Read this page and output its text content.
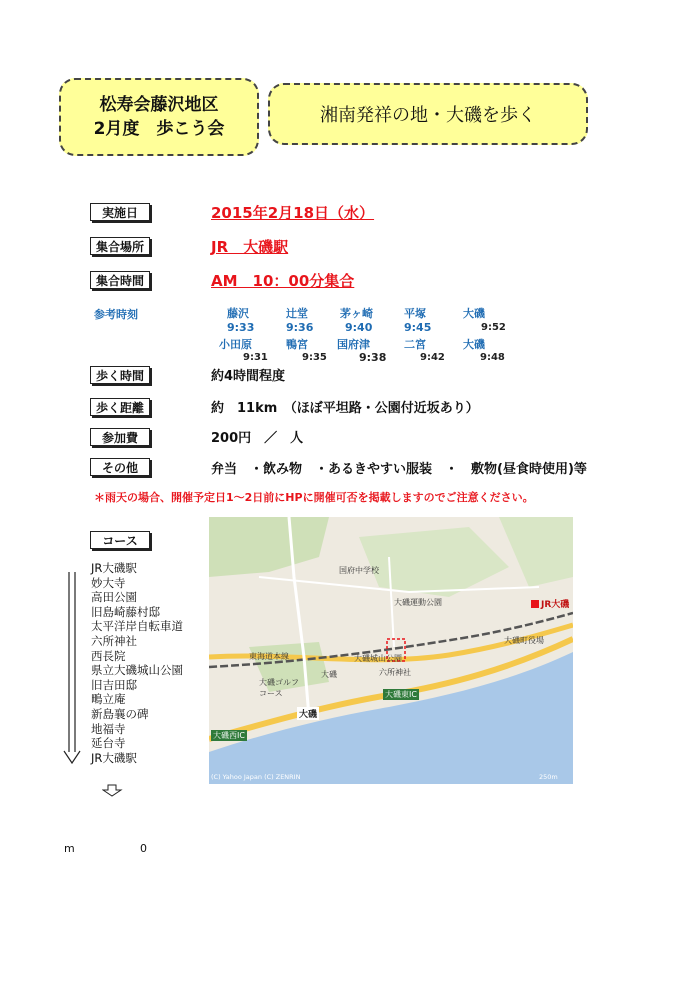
松寿会藤沢地区
2月度　歩こう会
湘南発祥の地・大磯を歩く
実施日	2015年2月18日（水）
集合場所	JR　大磯駅
集合時間	AM　10：00分集合
参考時刻	藤沢	辻堂	茅ヶ崎	平塚	大磯
9:33	9:36	9:40	9:45	9:52
小田原	鴨宮	国府津	二宮	大磯
9:31	9:35	9:38	9:42	9:48
歩く時間	約4時間程度
歩く距離	約　11km　（ほぼ平坦路・公園付近坂あり）
参加費	200円　／　人
その他	弁当　・飲み物　・あるきやすい服装　・　敷物(昼食時使用)等
＊雨天の場合、開催予定日1～2日前にHPに開催可否を掲載しますのでご注意ください。
コース
JR大磯駅
妙大寺
高田公園
旧島崎藤村邸
太平洋岸自転車道
六所神社
西長院
県立大磯城山公園
旧吉田邸
鴫立庵
新島襄の碑
地福寺
延台寺
JR大磯駅
JR大磯
大磯
大磯
国府中学校
大磯城山公園
大磯ゴルフコース
大磯運動公園
六所神社
大磯町役場
大磯西IC
大磯東IC
東海道本線
(C) Yahoo Japan (C) ZENRIN	250m
m	0
